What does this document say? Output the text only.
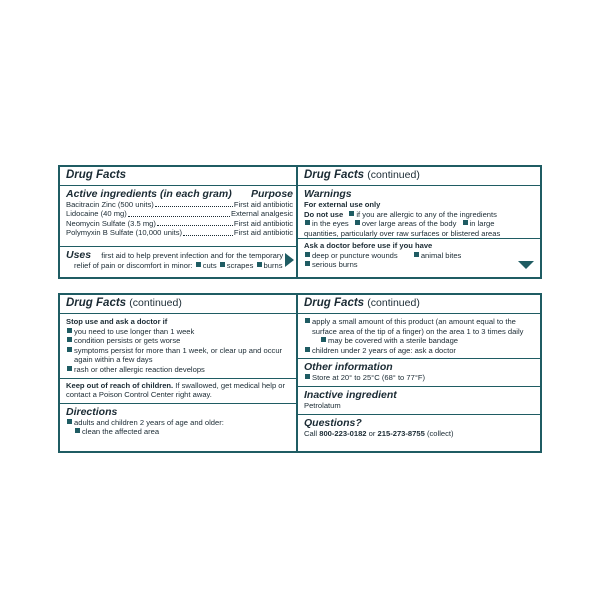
Drug Facts
Active ingredients (in each gram) Purpose
Bacitracin Zinc (500 units)	First aid antibiotic
Lidocaine (40 mg)	External analgesic
Neomycin Sulfate (3.5 mg)	First aid antibiotic
Polymyxin B Sulfate (10,000 units)	First aid antibiotic
Uses first aid to help prevent infection and for the temporary
relief of pain or discomfort in minor: cuts scrapes burns
Drug Facts (continued)
Warnings
For external use only
Do not use if you are allergic to any of the ingredients
in the eyes over large areas of the body in large
quantities, particularly over raw surfaces or blistered areas
Ask a doctor before use if you have
deep or puncture wounds	animal bites
serious burns
Drug Facts (continued)
Stop use and ask a doctor if
you need to use longer than 1 week
condition persists or gets worse
symptoms persist for more than 1 week, or clear up and occur
again within a few days
rash or other allergic reaction develops
Keep out of reach of children. If swallowed, get medical help or
contact a Poison Control Center right away.
Directions
adults and children 2 years of age and older:
clean the affected area
Drug Facts (continued)
apply a small amount of this product (an amount equal to the
surface area of the tip of a finger) on the area 1 to 3 times daily
may be covered with a sterile bandage
children under 2 years of age: ask a doctor
Other information
Store at 20° to 25°C (68° to 77°F)
Inactive ingredient
Petrolatum
Questions?
Call 800-223-0182 or 215-273-8755 (collect)
